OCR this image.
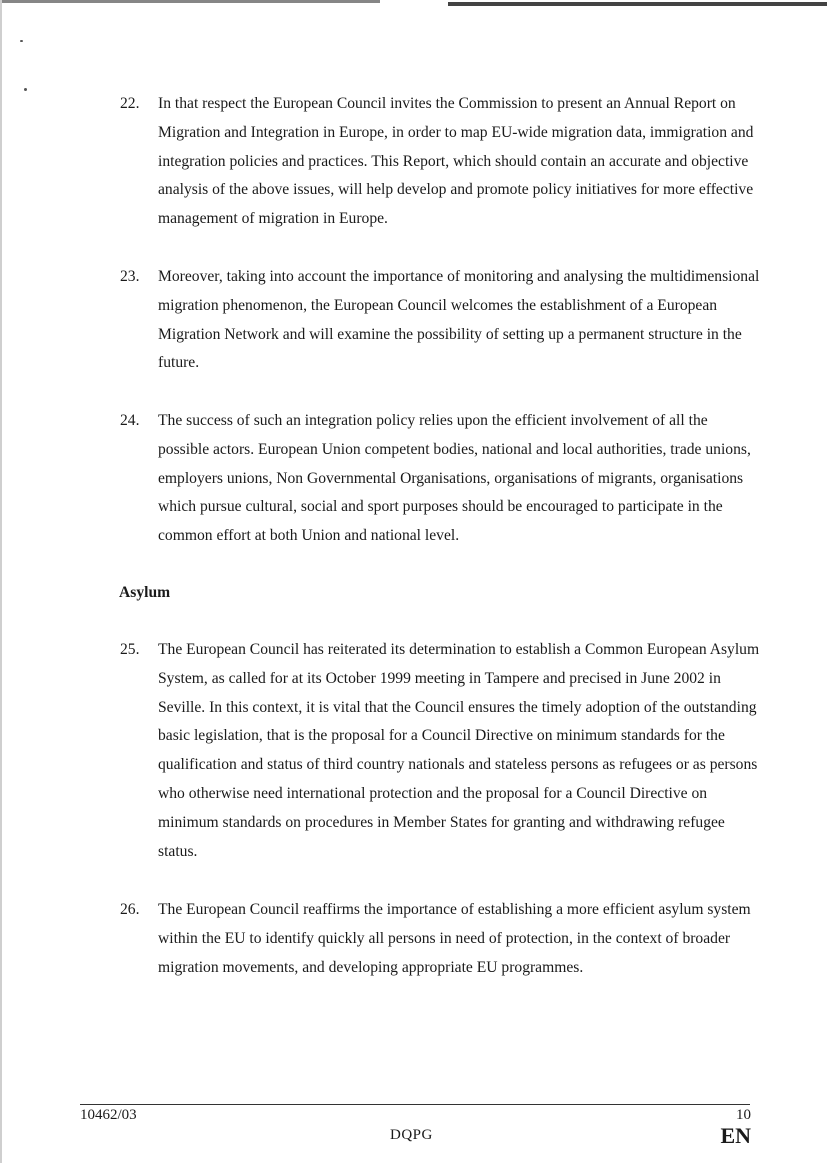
22. In that respect the European Council invites the Commission to present an Annual Report on Migration and Integration in Europe, in order to map EU-wide migration data, immigration and integration policies and practices. This Report, which should contain an accurate and objective analysis of the above issues, will help develop and promote policy initiatives for more effective management of migration in Europe.
23. Moreover, taking into account the importance of monitoring and analysing the multidimensional migration phenomenon, the European Council welcomes the establishment of a European Migration Network and will examine the possibility of setting up a permanent structure in the future.
24. The success of such an integration policy relies upon the efficient involvement of all the possible actors. European Union competent bodies, national and local authorities, trade unions, employers unions, Non Governmental Organisations, organisations of migrants, organisations which pursue cultural, social and sport purposes should be encouraged to participate in the common effort at both Union and national level.
Asylum
25. The European Council has reiterated its determination to establish a Common European Asylum System, as called for at its October 1999 meeting in Tampere and precised in June 2002 in Seville. In this context, it is vital that the Council ensures the timely adoption of the outstanding basic legislation, that is the proposal for a Council Directive on minimum standards for the qualification and status of third country nationals and stateless persons as refugees or as persons who otherwise need international protection and the proposal for a Council Directive on minimum standards on procedures in Member States for granting and withdrawing refugee status.
26. The European Council reaffirms the importance of establishing a more efficient asylum system within the EU to identify quickly all persons in need of protection, in the context of broader migration movements, and developing appropriate EU programmes.
10462/03
DQPG
10
EN
